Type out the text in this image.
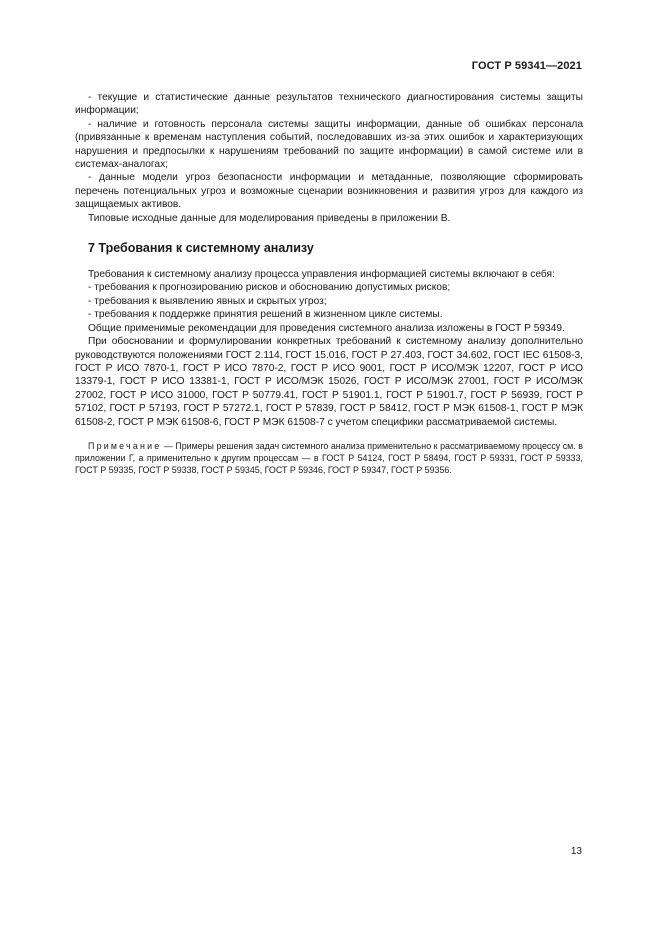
ГОСТ Р 59341—2021

- текущие и статистические данные результатов технического диагностирования системы защиты информации;

- наличие и готовность персонала системы защиты информации, данные об ошибках персонала (привязанные к временам наступления событий, последовавших из-за этих ошибок и характеризующих нарушения и предпосылки к нарушениям требований по защите информации) в самой системе или в системах-аналогах;

- данные модели угроз безопасности информации и метаданные, позволяющие сформировать перечень потенциальных угроз и возможные сценарии возникновения и развития угроз для каждого из защищаемых активов.

Типовые исходные данные для моделирования приведены в приложении В.

7 Требования к системному анализу

Требования к системному анализу процесса управления информацией системы включают в себя:

- требования к прогнозированию рисков и обоснованию допустимых рисков;

- требования к выявлению явных и скрытых угроз;

- требования к поддержке принятия решений в жизненном цикле системы.

Общие применимые рекомендации для проведения системного анализа изложены в ГОСТ Р 59349.

При обосновании и формулировании конкретных требований к системному анализу дополнительно руководствуются положениями ГОСТ 2.114, ГОСТ 15.016, ГОСТ Р 27.403, ГОСТ 34.602, ГОСТ IEC 61508-3, ГОСТ Р ИСО 7870-1, ГОСТ Р ИСО 7870-2, ГОСТ Р ИСО 9001, ГОСТ Р ИСО/МЭК 12207, ГОСТ Р ИСО 13379-1, ГОСТ Р ИСО 13381-1, ГОСТ Р ИСО/МЭК 15026, ГОСТ Р ИСО/МЭК 27001, ГОСТ Р ИСО/МЭК 27002, ГОСТ Р ИСО 31000, ГОСТ Р 50779.41, ГОСТ Р 51901.1, ГОСТ Р 51901.7, ГОСТ Р 56939, ГОСТ Р 57102, ГОСТ Р 57193, ГОСТ Р 57272.1, ГОСТ Р 57839, ГОСТ Р 58412, ГОСТ Р МЭК 61508-1, ГОСТ Р МЭК 61508-2, ГОСТ Р МЭК 61508-6, ГОСТ Р МЭК 61508-7 с учетом специфики рассматриваемой системы.

Примечание — Примеры решения задач системного анализа применительно к рассматриваемому процессу см. в приложении Г, а применительно к другим процессам — в ГОСТ Р 54124, ГОСТ Р 58494, ГОСТ Р 59331, ГОСТ Р 59333, ГОСТ Р 59335, ГОСТ Р 59338, ГОСТ Р 59345, ГОСТ Р 59346, ГОСТ Р 59347, ГОСТ Р 59356.
13
